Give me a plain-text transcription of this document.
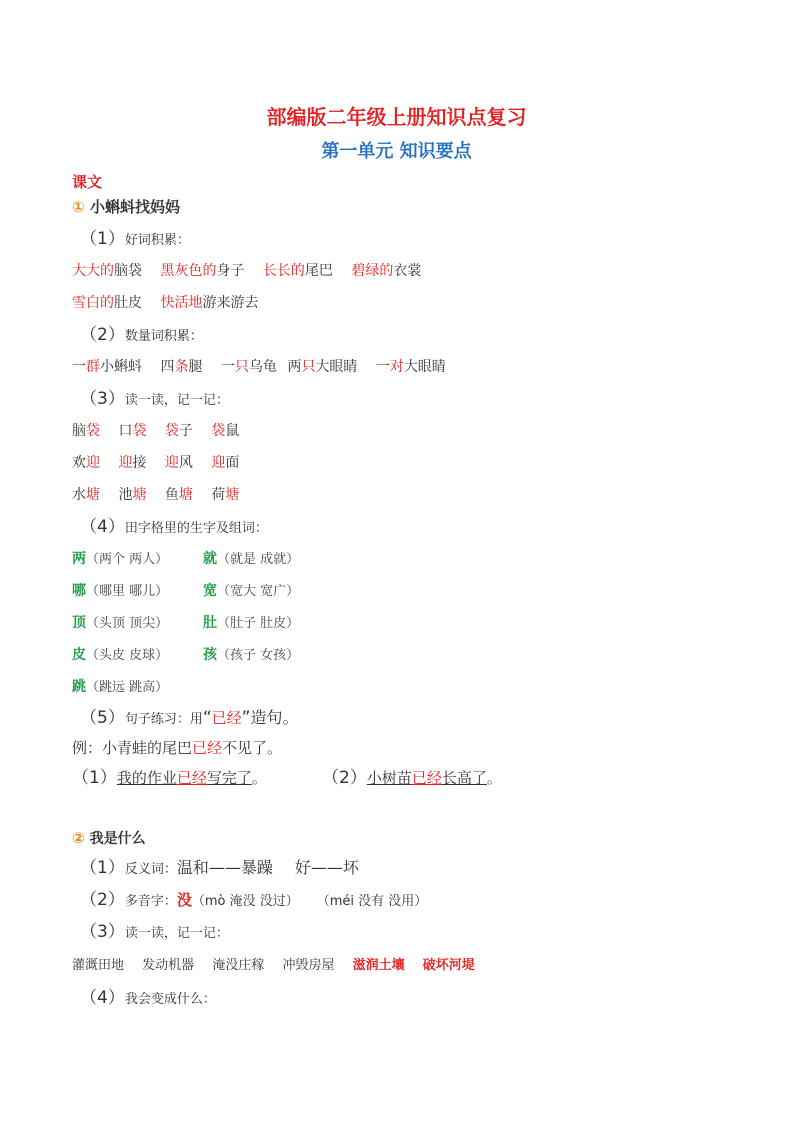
部编版二年级上册知识点复习
第一单元 知识要点
课文
① 小蝌蚪找妈妈
（1）好词积累：
大大的脑袋 黑灰色的身子 长长的尾巴 碧绿的衣裳
雪白的肚皮 快活地游来游去
（2）数量词积累：
一群小蝌蚪 四条腿 一只乌龟 两只大眼睛 一对大眼睛
（3）读一读，记一记：
脑袋 口袋 袋子 袋鼠
欢迎 迎接 迎风 迎面
水塘 池塘 鱼塘 荷塘
（4）田字格里的生字及组词：
两（两个 两人） 就（就是 成就）
哪（哪里 哪儿） 宽（宽大 宽广）
顶（头顶 顶尖） 肚（肚子 肚皮）
皮（头皮 皮球） 孩（孩子 女孩）
跳（跳远 跳高）
（5）句子练习：用“已经”造句。
例：小青蛙的尾巴已经不见了。
（1）我的作业已经写完了。	（2）小树苗已经长高了。
② 我是什么
（1）反义词：温和——暴躁 好——坏
（2）多音字：没（mò 淹没 没过） （méi 没有 没用）
（3）读一读，记一记：
灌溉田地 发动机器 淹没庄稼 冲毁房屋 滋润土壤 破坏河堤
（4）我会变成什么：
